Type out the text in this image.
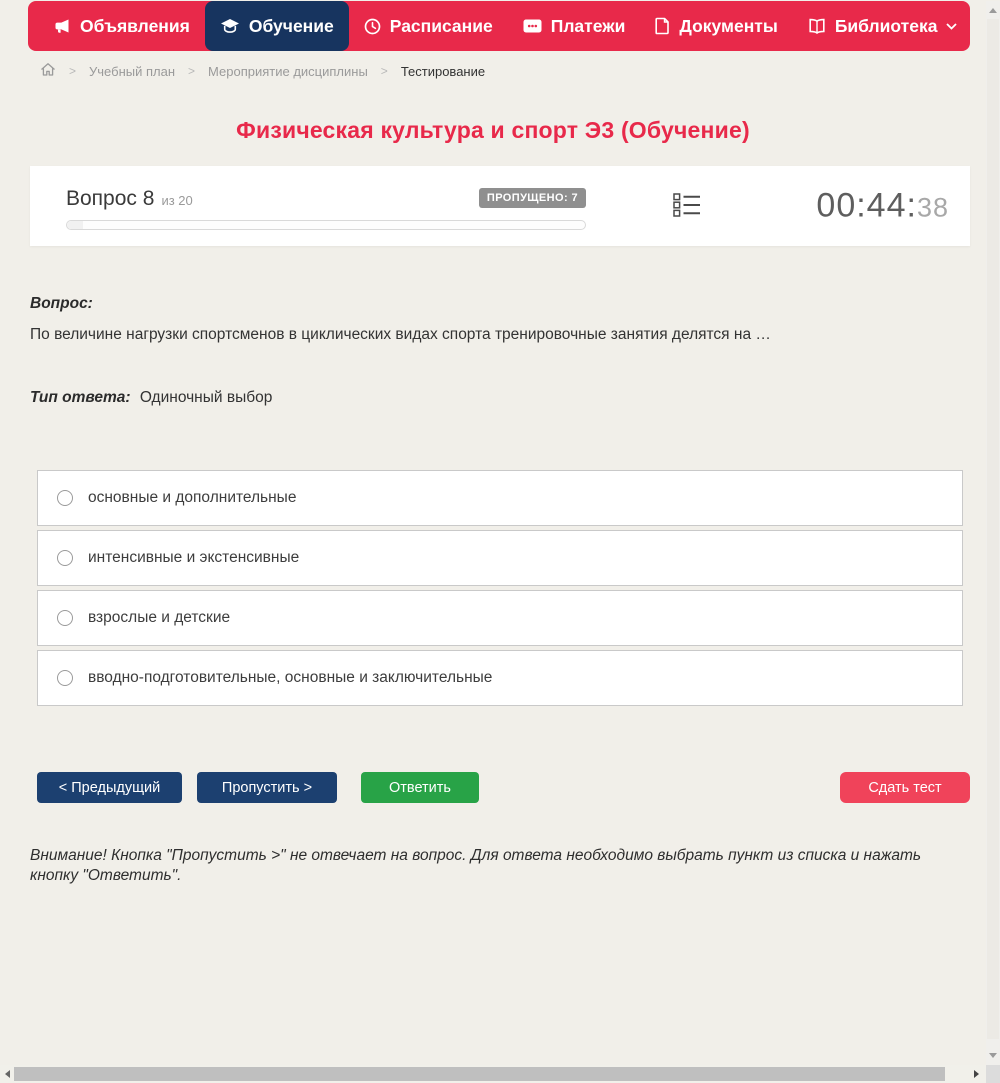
Объявления	Обучение	Расписание	Платежи	Документы	Библиотека
> Учебный план > Мероприятие дисциплины > Тестирование
Физическая культура и спорт Э3 (Обучение)
Вопрос 8 из 20	ПРОПУЩЕНО: 7	00:44:38
Вопрос:
По величине нагрузки спортсменов в циклических видах спорта тренировочные занятия делятся на …
Тип ответа: Одиночный выбор
основные и дополнительные
интенсивные и экстенсивные
взрослые и детские
вводно-подготовительные, основные и заключительные
< Предыдущий	Пропустить >	Ответить	Сдать тест

Внимание! Кнопка "Пропустить >" не отвечает на вопрос. Для ответа необходимо выбрать пункт из списка и нажать кнопку "Ответить".
